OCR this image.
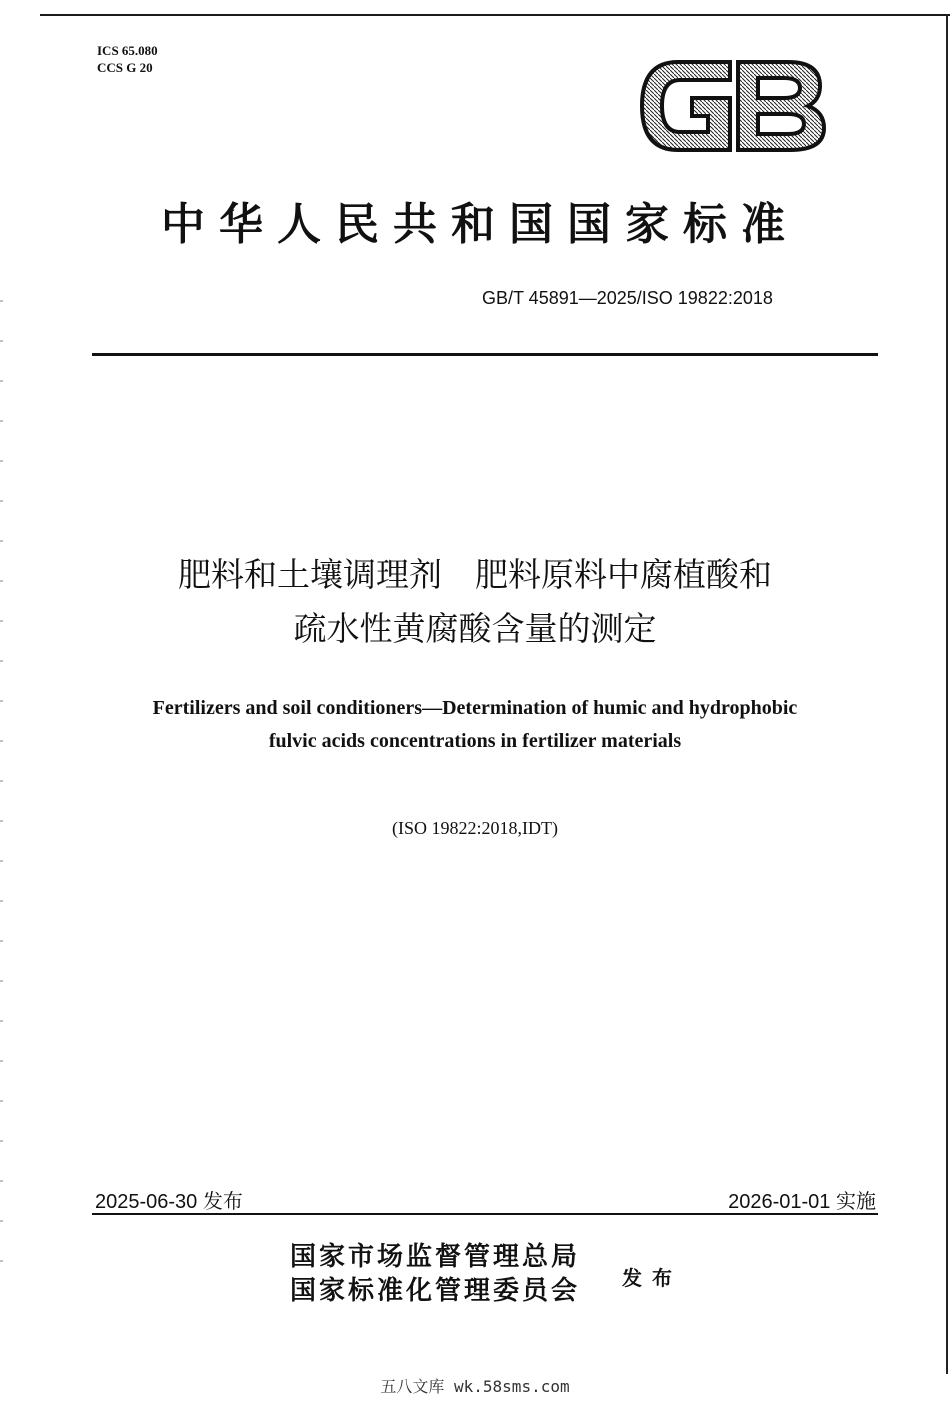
ICS 65.080
CCS G 20
中华人民共和国国家标准
GB/T 45891—2025/ISO 19822:2018
肥料和土壤调理剂　肥料原料中腐植酸和
疏水性黄腐酸含量的测定
Fertilizers and soil conditioners—Determination of humic and hydrophobic
fulvic acids concentrations in fertilizer materials
(ISO 19822:2018,IDT)
2025-06-30 发布	2026-01-01 实施
国家市场监督管理总局
国家标准化管理委员会 发布
五八文库 wk.58sms.com
